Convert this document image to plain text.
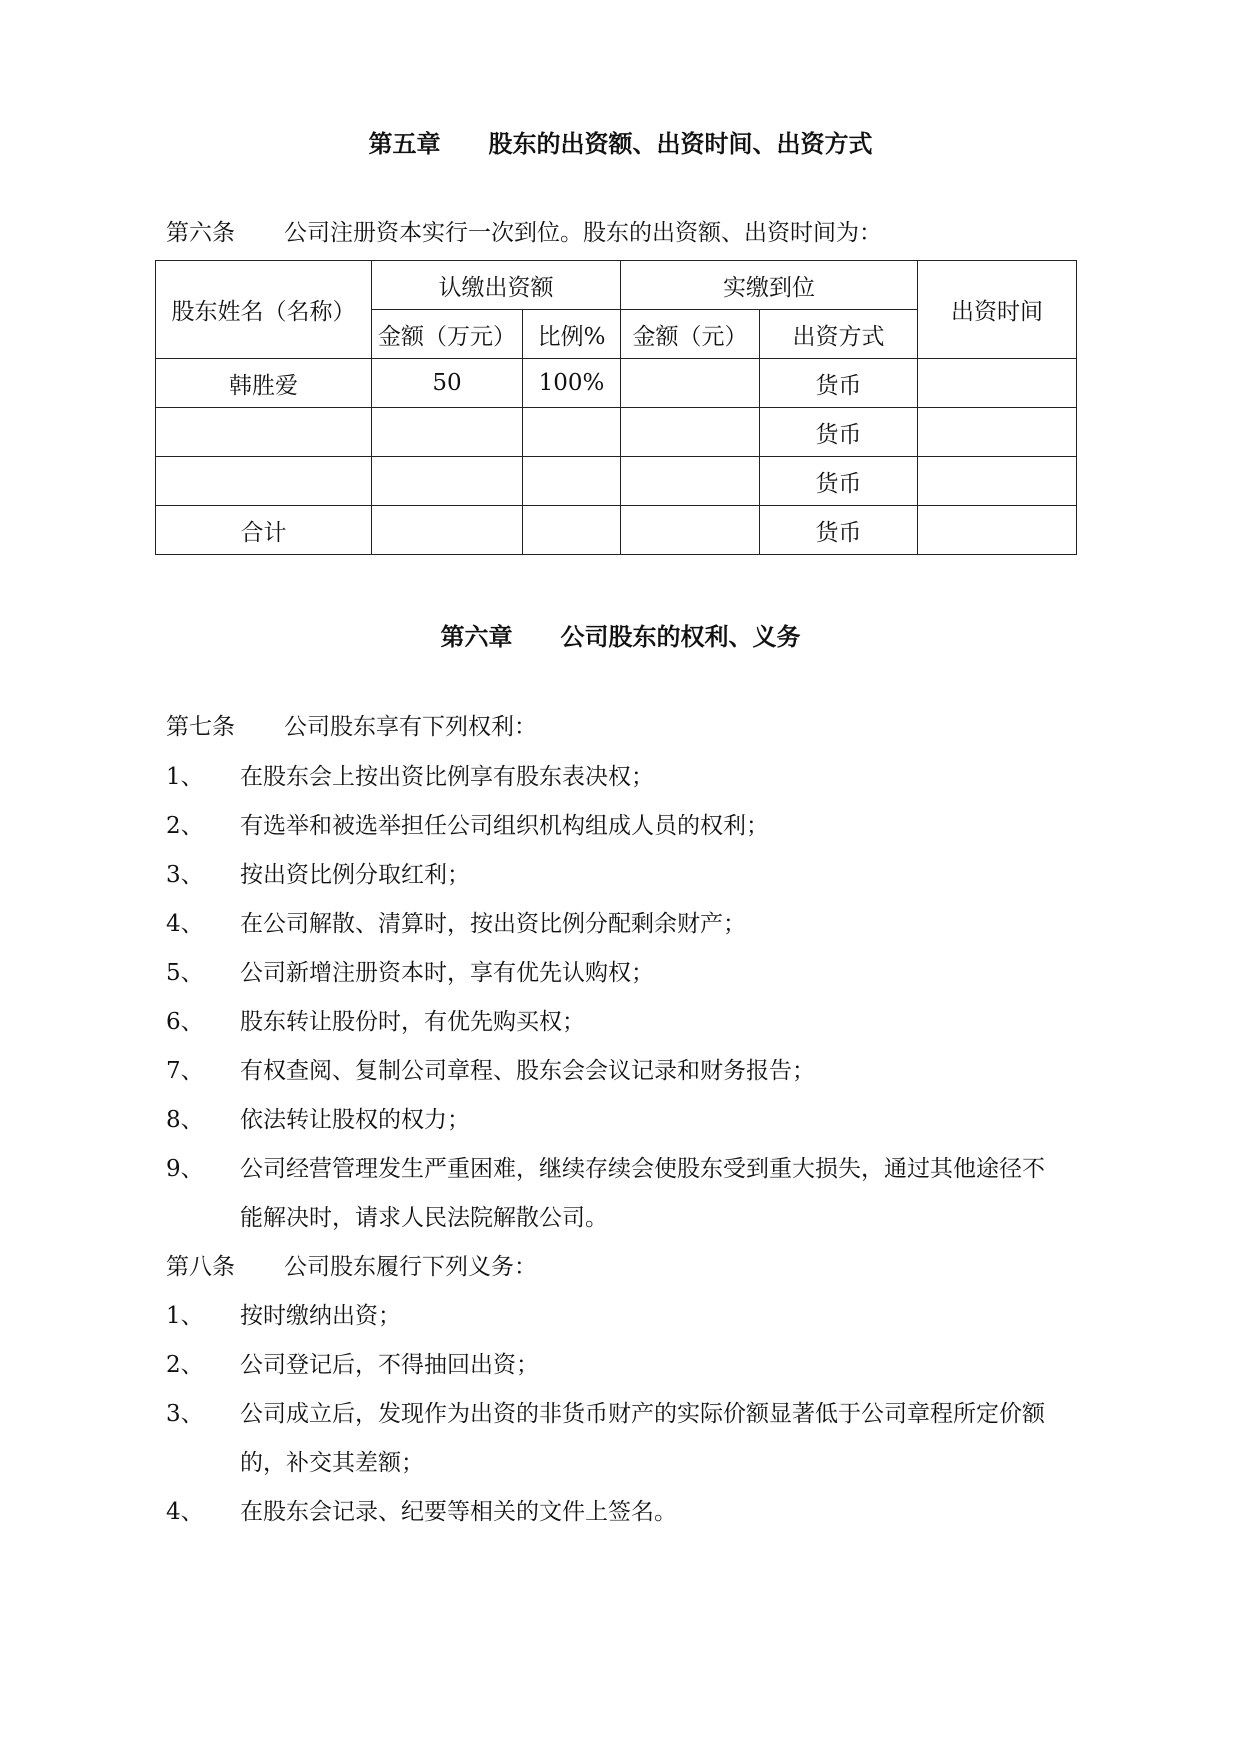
第五章　　股东的出资额、出资时间、出资方式
第六条 公司注册资本实行一次到位。股东的出资额、出资时间为：
股东姓名（名称）	认缴出资额		实缴到位		出资时间
	金额（万元）	比例%	金额（元）	出资方式	
韩胜爱	50	100%		货币	
				货币	
				货币	
合计				货币	
第六章　　公司股东的权利、义务
第七条 公司股东享有下列权利：
1、 在股东会上按出资比例享有股东表决权；
2、 有选举和被选举担任公司组织机构组成人员的权利；
3、 按出资比例分取红利；
4、 在公司解散、清算时，按出资比例分配剩余财产；
5、 公司新增注册资本时，享有优先认购权；
6、 股东转让股份时，有优先购买权；
7、 有权查阅、复制公司章程、股东会会议记录和财务报告；
8、 依法转让股权的权力；
9、 公司经营管理发生严重困难，继续存续会使股东受到重大损失，通过其他途径不
能解决时，请求人民法院解散公司。
第八条 公司股东履行下列义务：
1、 按时缴纳出资；
2、 公司登记后，不得抽回出资；
3、 公司成立后，发现作为出资的非货币财产的实际价额显著低于公司章程所定价额
的，补交其差额；
4、 在股东会记录、纪要等相关的文件上签名。
